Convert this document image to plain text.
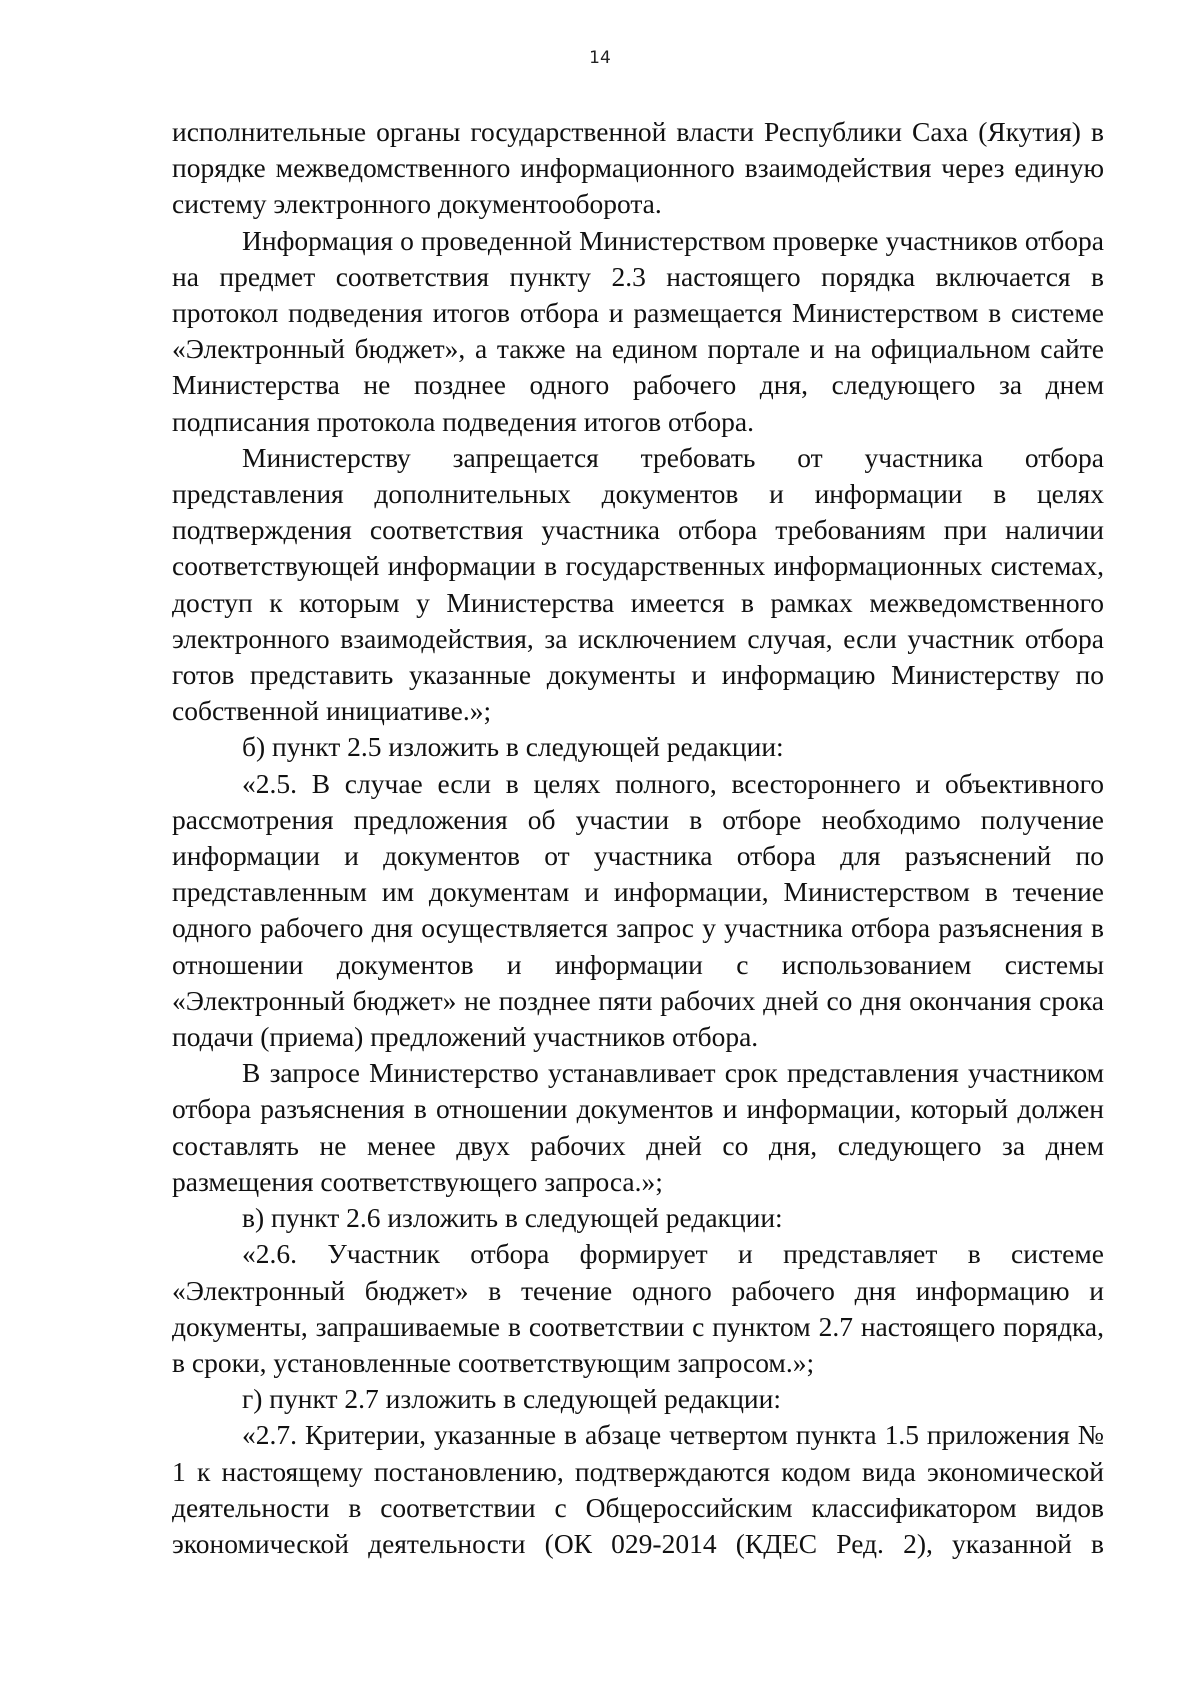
14

исполнительные органы государственной власти Республики Саха (Якутия) в порядке межведомственного информационного взаимодействия через единую систему электронного документооборота.

Информация о проведенной Министерством проверке участников отбора на предмет соответствия пункту 2.3 настоящего порядка включается в протокол подведения итогов отбора и размещается Министерством в системе «Электронный бюджет», а также на едином портале и на официальном сайте Министерства не позднее одного рабочего дня, следующего за днем подписания протокола подведения итогов отбора.

Министерству запрещается требовать от участника отбора представления дополнительных документов и информации в целях подтверждения соответствия участника отбора требованиям при наличии соответствующей информации в государственных информационных системах, доступ к которым у Министерства имеется в рамках межведомственного электронного взаимодействия, за исключением случая, если участник отбора готов представить указанные документы и информацию Министерству по собственной инициативе.»;

б) пункт 2.5 изложить в следующей редакции:

«2.5. В случае если в целях полного, всестороннего и объективного рассмотрения предложения об участии в отборе необходимо получение информации и документов от участника отбора для разъяснений по представленным им документам и информации, Министерством в течение одного рабочего дня осуществляется запрос у участника отбора разъяснения в отношении документов и информации с использованием системы «Электронный бюджет» не позднее пяти рабочих дней со дня окончания срока подачи (приема) предложений участников отбора.

В запросе Министерство устанавливает срок представления участником отбора разъяснения в отношении документов и информации, который должен составлять не менее двух рабочих дней со дня, следующего за днем размещения соответствующего запроса.»;

в) пункт 2.6 изложить в следующей редакции:

«2.6. Участник отбора формирует и представляет в системе «Электронный бюджет» в течение одного рабочего дня информацию и документы, запрашиваемые в соответствии с пунктом 2.7 настоящего порядка, в сроки, установленные соответствующим запросом.»;

г) пункт 2.7 изложить в следующей редакции:

«2.7. Критерии, указанные в абзаце четвертом пункта 1.5 приложения № 1 к настоящему постановлению, подтверждаются кодом вида экономической деятельности в соответствии с Общероссийским классификатором видов экономической деятельности (ОК 029-2014 (КДЕС Ред. 2), указанной в
